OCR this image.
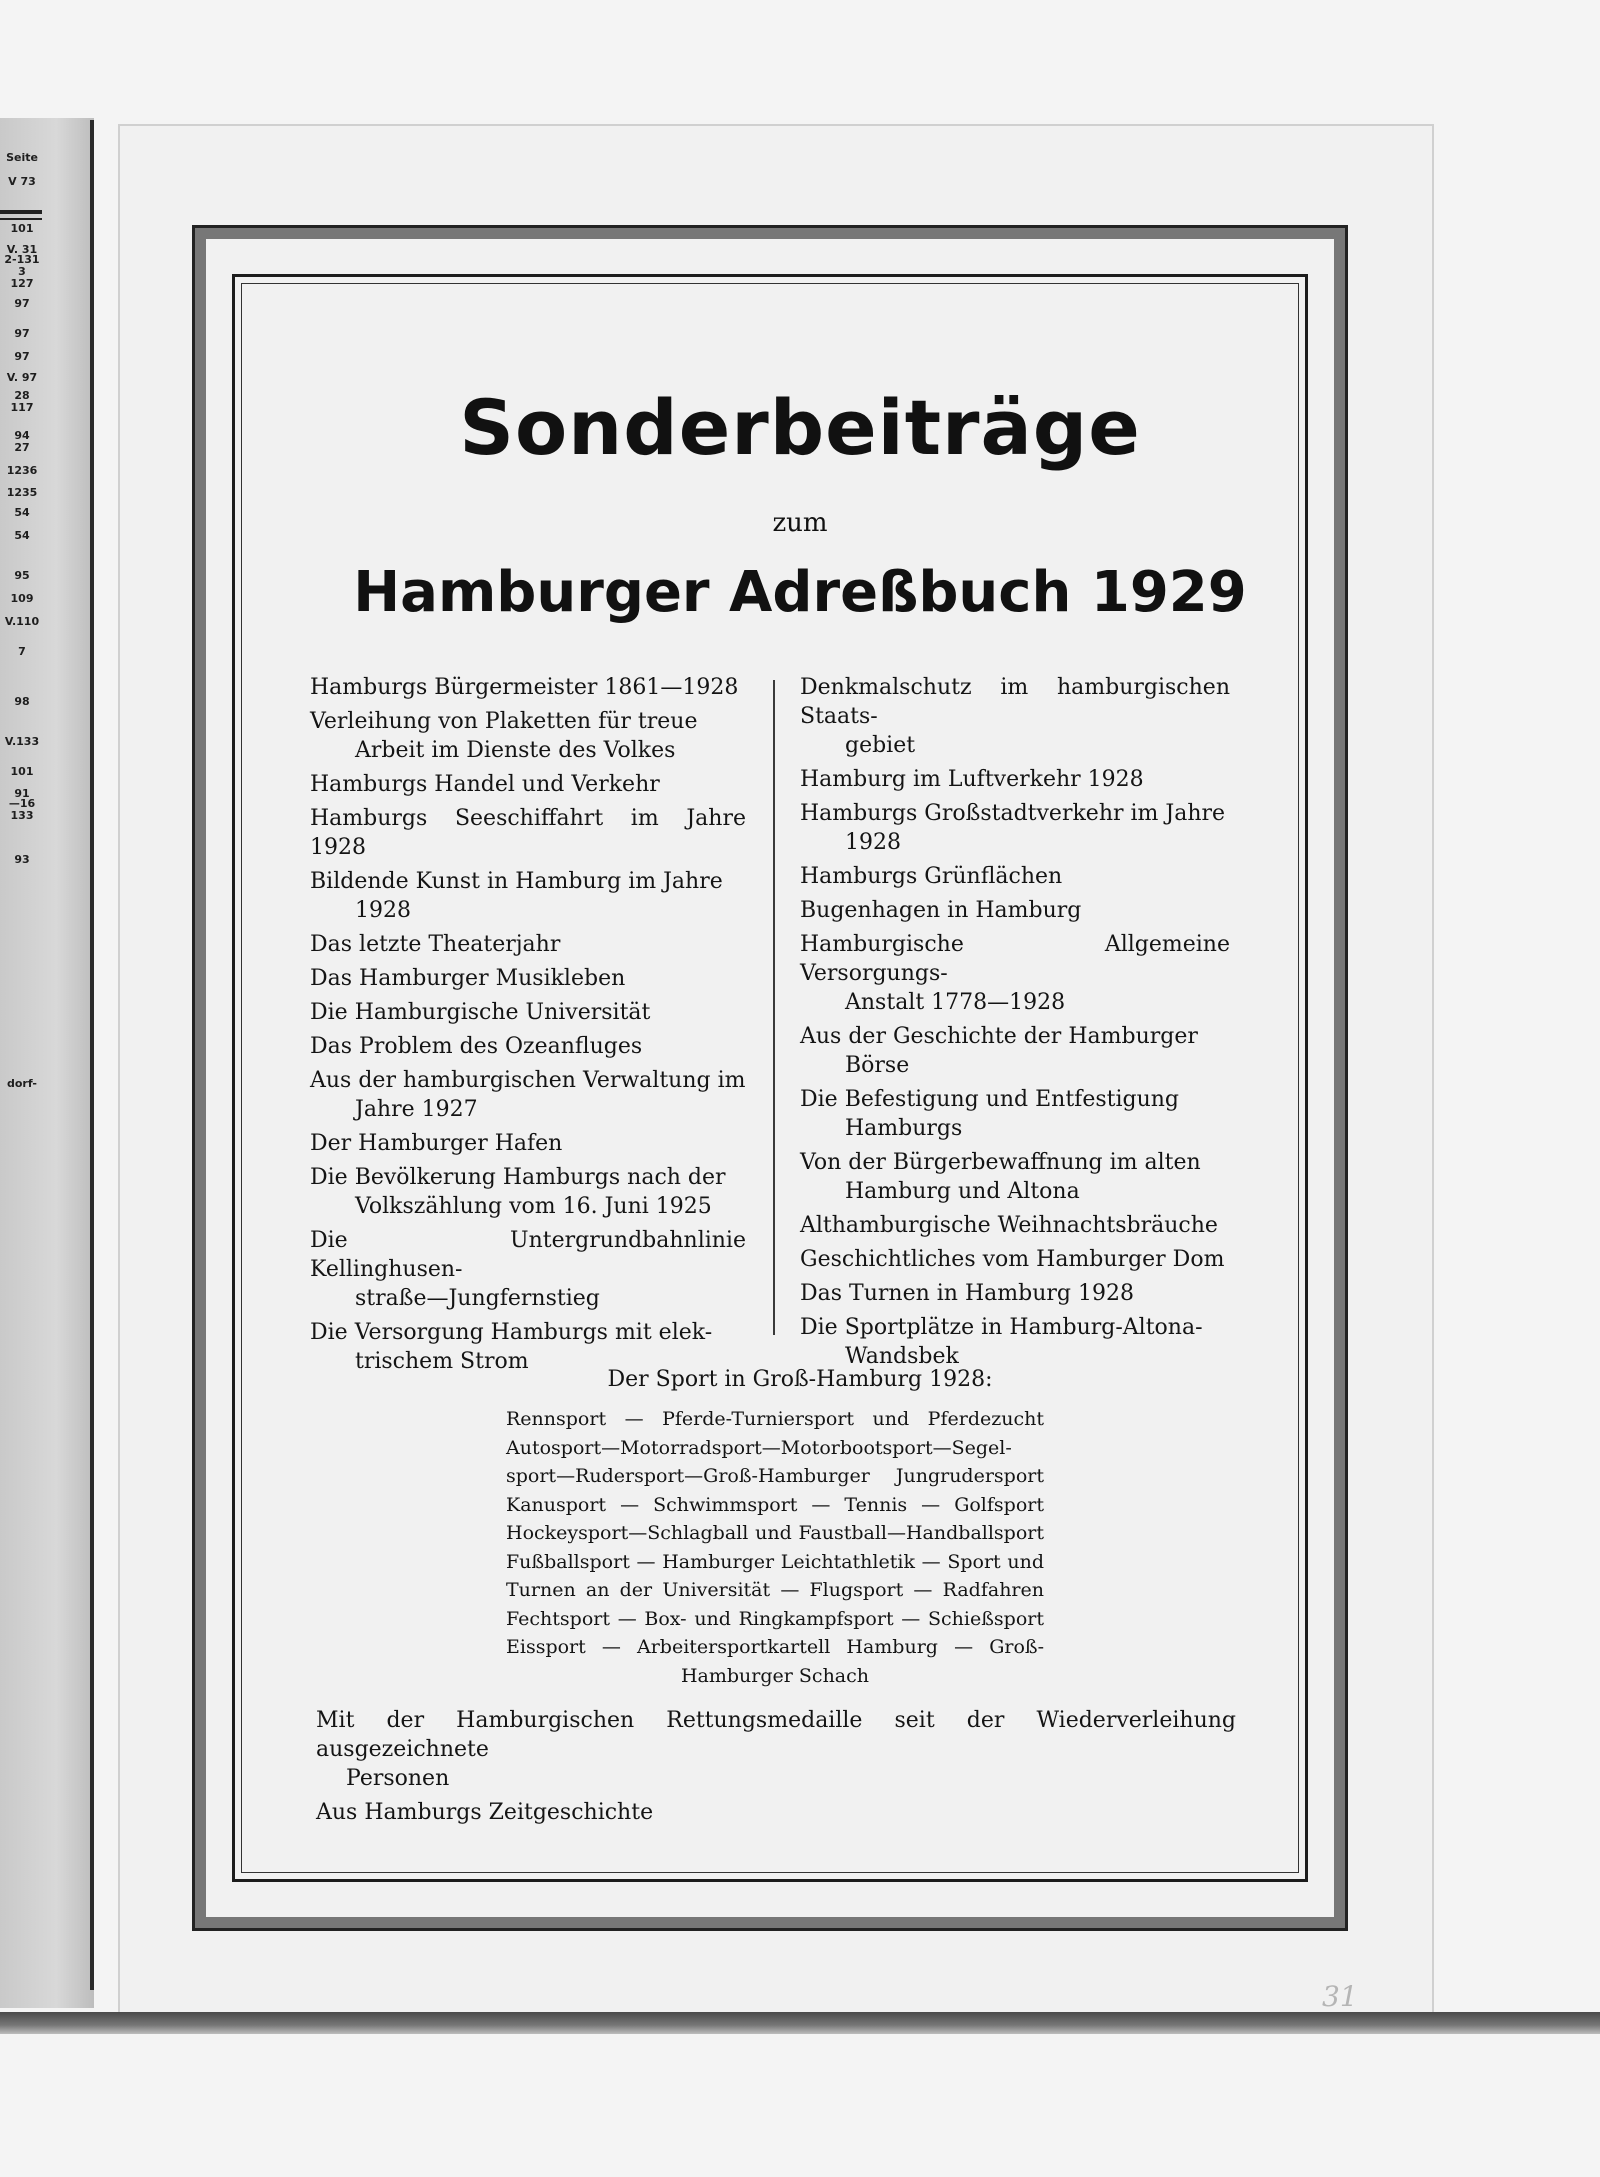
Seite
V 73
101
V. 31
2-131
3
127
97
97
97
V. 97
28
117
94
27
1236
1235
54
54
95
109
V.110
7
98
V.133
101
91
—16
133
93
dorf-
Sonderbeiträge
zum
Hamburger Adreßbuch 1929
Hamburgs Bürgermeister 1861—1928
Verleihung von Plaketten für treue
Arbeit im Dienste des Volkes
Hamburgs Handel und Verkehr
Hamburgs Seeschiffahrt im Jahre 1928
Bildende Kunst in Hamburg im Jahre
1928
Das letzte Theaterjahr
Das Hamburger Musikleben
Die Hamburgische Universität
Das Problem des Ozeanfluges
Aus der hamburgischen Verwaltung im
Jahre 1927
Der Hamburger Hafen
Die Bevölkerung Hamburgs nach der
Volkszählung vom 16. Juni 1925
Die Untergrundbahnlinie Kellinghusen-
straße—Jungfernstieg
Die Versorgung Hamburgs mit elek-
trischem Strom
Denkmalschutz im hamburgischen Staats-
gebiet
Hamburg im Luftverkehr 1928
Hamburgs Großstadtverkehr im Jahre
1928
Hamburgs Grünflächen
Bugenhagen in Hamburg
Hamburgische Allgemeine Versorgungs-
Anstalt 1778—1928
Aus der Geschichte der Hamburger
Börse
Die Befestigung und Entfestigung
Hamburgs
Von der Bürgerbewaffnung im alten
Hamburg und Altona
Althamburgische Weihnachtsbräuche
Geschichtliches vom Hamburger Dom
Das Turnen in Hamburg 1928
Die Sportplätze in Hamburg-Altona-
Wandsbek
Der Sport in Groß-Hamburg 1928:
Rennsport — Pferde-Turniersport und Pferdezucht
Autosport—Motorradsport—Motorbootsport—Segel-
sport—Rudersport—Groß-Hamburger Jungrudersport
Kanusport — Schwimmsport — Tennis — Golfsport
Hockeysport—Schlagball und Faustball—Handballsport
Fußballsport — Hamburger Leichtathletik — Sport und
Turnen an der Universität — Flugsport — Radfahren
Fechtsport — Box- und Ringkampfsport — Schießsport
Eissport — Arbeitersportkartell Hamburg — Groß-
Hamburger Schach
Mit der Hamburgischen Rettungsmedaille seit der Wiederverleihung ausgezeichnete
Personen
Aus Hamburgs Zeitgeschichte
31
